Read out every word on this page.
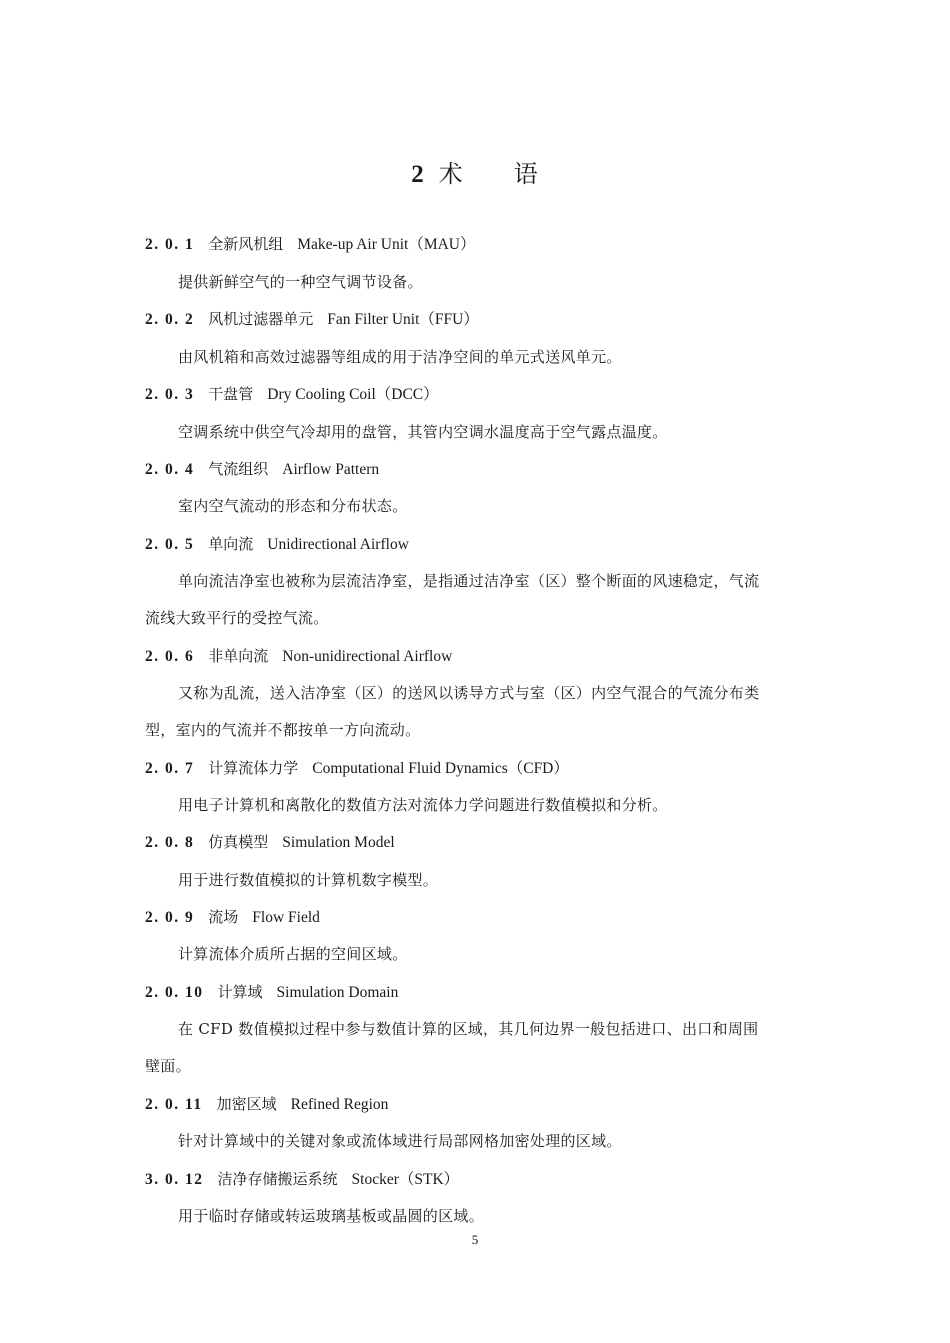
2 术　　语
2. 0. 1 全新风机组 Make-up Air Unit（MAU）
提供新鲜空气的一种空气调节设备。
2. 0. 2 风机过滤器单元 Fan Filter Unit（FFU）
由风机箱和高效过滤器等组成的用于洁净空间的单元式送风单元。
2. 0. 3 干盘管 Dry Cooling Coil（DCC）
空调系统中供空气冷却用的盘管，其管内空调水温度高于空气露点温度。
2. 0. 4 气流组织 Airflow Pattern
室内空气流动的形态和分布状态。
2. 0. 5 单向流 Unidirectional Airflow
单向流洁净室也被称为层流洁净室，是指通过洁净室（区）整个断面的风速稳定，气流
流线大致平行的受控气流。
2. 0. 6 非单向流 Non-unidirectional Airflow
又称为乱流，送入洁净室（区）的送风以诱导方式与室（区）内空气混合的气流分布类
型，室内的气流并不都按单一方向流动。
2. 0. 7 计算流体力学 Computational Fluid Dynamics（CFD）
用电子计算机和离散化的数值方法对流体力学问题进行数值模拟和分析。
2. 0. 8 仿真模型 Simulation Model
用于进行数值模拟的计算机数字模型。
2. 0. 9 流场 Flow Field
计算流体介质所占据的空间区域。
2. 0. 10 计算域 Simulation Domain
在 CFD 数值模拟过程中参与数值计算的区域，其几何边界一般包括进口、出口和周围
壁面。
2. 0. 11 加密区域 Refined Region
针对计算域中的关键对象或流体域进行局部网格加密处理的区域。
3. 0. 12 洁净存储搬运系统 Stocker（STK）
用于临时存储或转运玻璃基板或晶圆的区域。
5
